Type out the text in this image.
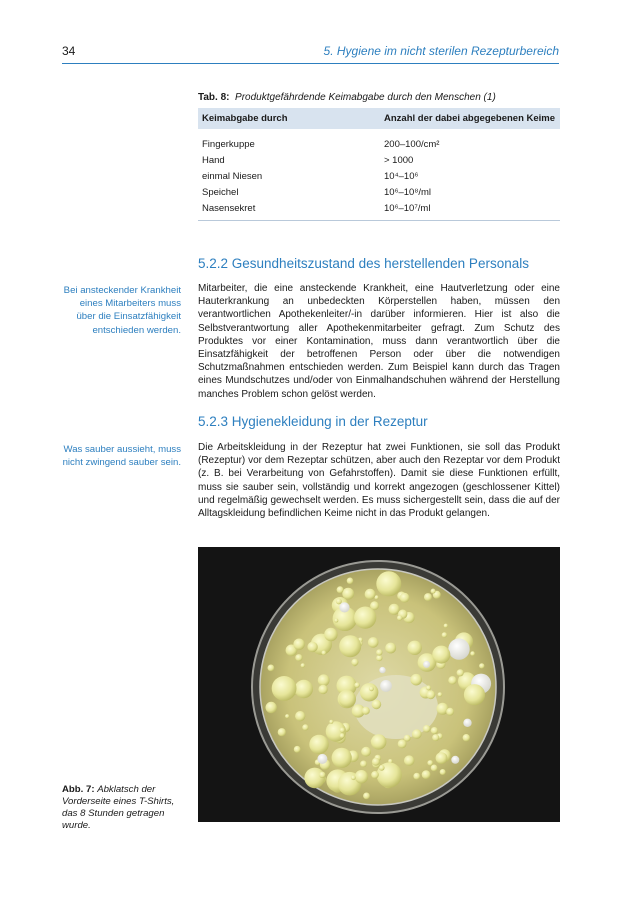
34	5. Hygiene im nicht sterilen Rezepturbereich
Tab. 8: Produktgefährdende Keimabgabe durch den Menschen (1)
Keimabgabe durch	Anzahl der dabei abgegebenen Keime
Fingerkuppe	200–100/cm²
Hand	> 1000
einmal Niesen	10⁴–10⁶
Speichel	10⁶–10⁸/ml
Nasensekret	10⁶–10⁷/ml
5.2.2 Gesundheitszustand des herstellenden Personals
Bei ansteckender Krankheit eines Mitarbeiters muss über die Einsatzfähigkeit entschieden werden.
Mitarbeiter, die eine ansteckende Krankheit, eine Hautverletzung oder eine Hauterkrankung an unbedeckten Körperstellen haben, müssen den verantwortlichen Apothekenleiter/-in darüber informieren. Hier ist also die Selbstverantwortung aller Apothekenmitarbeiter gefragt. Zum Schutz des Produktes vor einer Kontamination, muss dann verantwortlich über die Einsatzfähigkeit der betroffenen Person oder über die notwendigen Schutzmaßnahmen entschieden werden. Zum Beispiel kann durch das Tragen eines Mundschutzes und/oder von Einmalhandschuhen während der Herstellung manches Problem schon gelöst werden.
5.2.3 Hygienekleidung in der Rezeptur
Was sauber aussieht, muss nicht zwingend sauber sein.
Die Arbeitskleidung in der Rezeptur hat zwei Funktionen, sie soll das Produkt (Rezeptur) vor dem Rezeptar schützen, aber auch den Rezeptar vor dem Produkt (z. B. bei Verarbeitung von Gefahrstoffen). Damit sie diese Funktionen erfüllt, muss sie sauber sein, vollständig und korrekt angezogen (geschlossener Kittel) und regelmäßig gewechselt werden. Es muss sichergestellt sein, dass die auf der Alltagskleidung befindlichen Keime nicht in das Produkt gelangen.
Abb. 7: Abklatsch der Vorderseite eines T-Shirts, das 8 Stunden getragen wurde.
